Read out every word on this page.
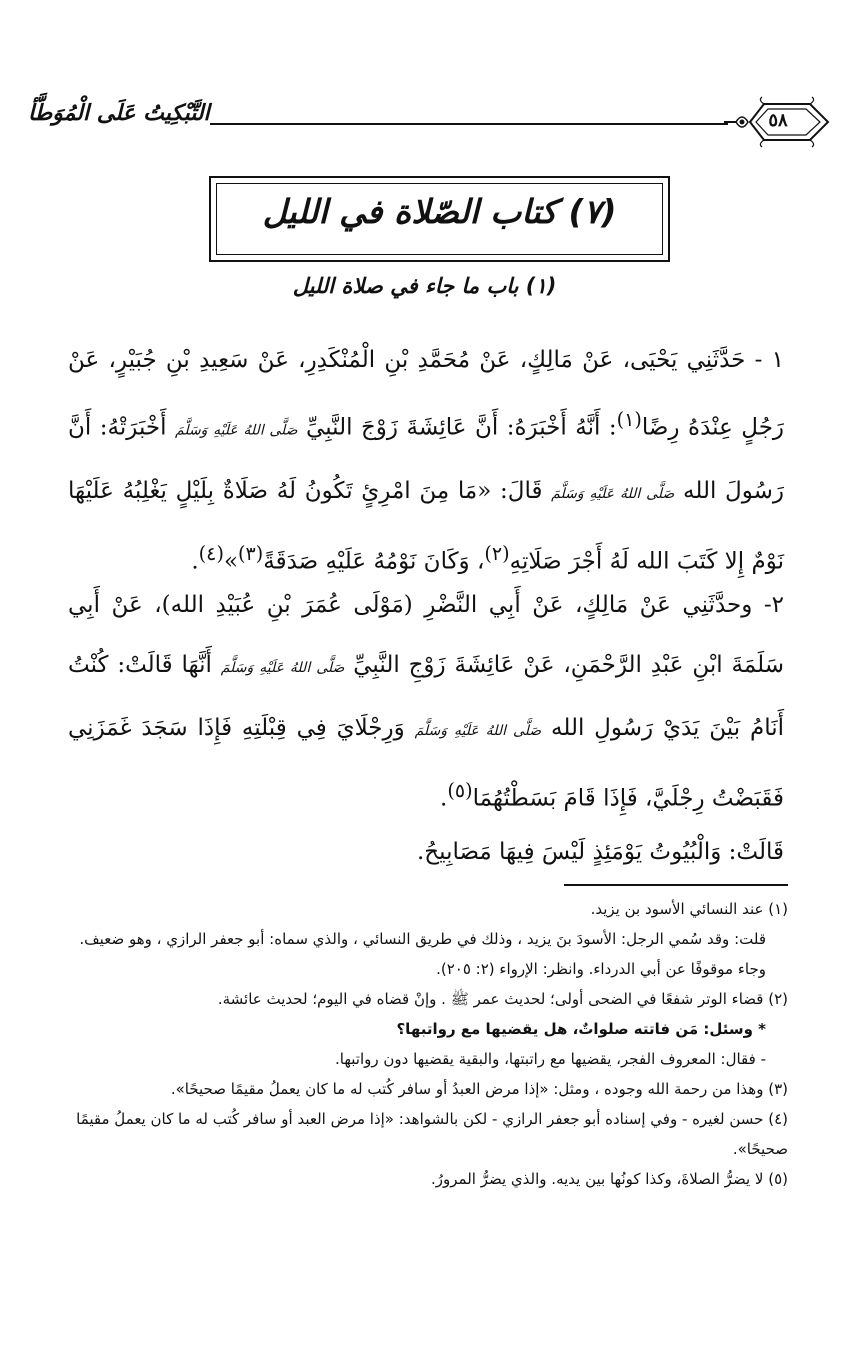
التَّبْكِيتُ عَلَى الْمُوَطَّأ	٥٨
(٧) كتاب الصّلاة في الليل
(١) باب ما جاء في صلاة الليل
١ - حَدَّثَنِي يَحْيَى، عَنْ مَالِكٍ، عَنْ مُحَمَّدِ بْنِ الْمُنْكَدِرِ، عَنْ سَعِيدِ بْنِ جُبَيْرٍ، عَنْ رَجُلٍ عِنْدَهُ رِضًا$^{(١)}$: أَنَّهُ أَخْبَرَهُ: أَنَّ عَائِشَةَ زَوْجَ النَّبِيِّ صَلَّى اللهُ عَلَيْهِ وَسَلَّمَ أَخْبَرَتْهُ: أَنَّ رَسُولَ الله صَلَّى اللهُ عَلَيْهِ وَسَلَّمَ قَالَ: «مَا مِنَ امْرِئٍ تَكُونُ لَهُ صَلَاةٌ بِلَيْلٍ يَغْلِبُهُ عَلَيْهَا نَوْمٌ إِلا كَتَبَ الله لَهُ أَجْرَ صَلَاتِهِ$^{(٢)}$، وَكَانَ نَوْمُهُ عَلَيْهِ صَدَقَةً$^{(٣)}$»$^{(٤)}$.
٢- وحدَّثَنِي عَنْ مَالِكٍ، عَنْ أَبِي النَّضْرِ (مَوْلَى عُمَرَ بْنِ عُبَيْدِ الله)، عَنْ أَبِي سَلَمَةَ ابْنِ عَبْدِ الرَّحْمَنِ، عَنْ عَائِشَةَ زَوْجِ النَّبِيِّ صَلَّى اللهُ عَلَيْهِ وَسَلَّمَ أَنَّهَا قَالَتْ: كُنْتُ أَنَامُ بَيْنَ يَدَيْ رَسُولِ الله صَلَّى اللهُ عَلَيْهِ وَسَلَّمَ وَرِجْلَايَ فِي قِبْلَتِهِ فَإِذَا سَجَدَ غَمَزَنِي فَقَبَضْتُ رِجْلَيَّ، فَإِذَا قَامَ بَسَطْتُهُمَا$^{(٥)}$.
قَالَتْ: وَالْبُيُوتُ يَوْمَئِذٍ لَيْسَ فِيهَا مَصَابِيحُ.

(١) عند النسائي الأسود بن يزيد.

قلت: وقد سُمي الرجل: الأسودَ بنَ يزيد ، وذلك في طريق النسائي ، والذي سماه: أبو جعفر الرازي ، وهو ضعيف. وجاء موقوفًا عن أبي الدرداء. وانظر: الإرواء (٢: ٢٠٥).

(٢) قضاء الوتر شفعًا في الضحى أولى؛ لحديث عمر ﷺ . وإنْ قضاه في اليوم؛ لحديث عائشة.

* وسئل: مَن فاتته صلواتٌ، هل يقضيها مع رواتبها؟

- فقال: المعروف الفجر، يقضيها مع راتبتها، والبقية يقضيها دون رواتبها.

(٣) وهذا من رحمة الله وجوده ، ومثل: «إذا مرض العبدُ أو سافر كُتب له ما كان يعملُ مقيمًا صحيحًا».

(٤) حسن لغيره - وفي إسناده أبو جعفر الرازي - لكن بالشواهد: «إذا مرض العبد أو سافر كُتب له ما كان يعملُ مقيمًا صحيحًا».

(٥) لا يضرُّ الصلاةَ، وكذا كونُها بين يديه. والذي يضرُّ المرورُ.
